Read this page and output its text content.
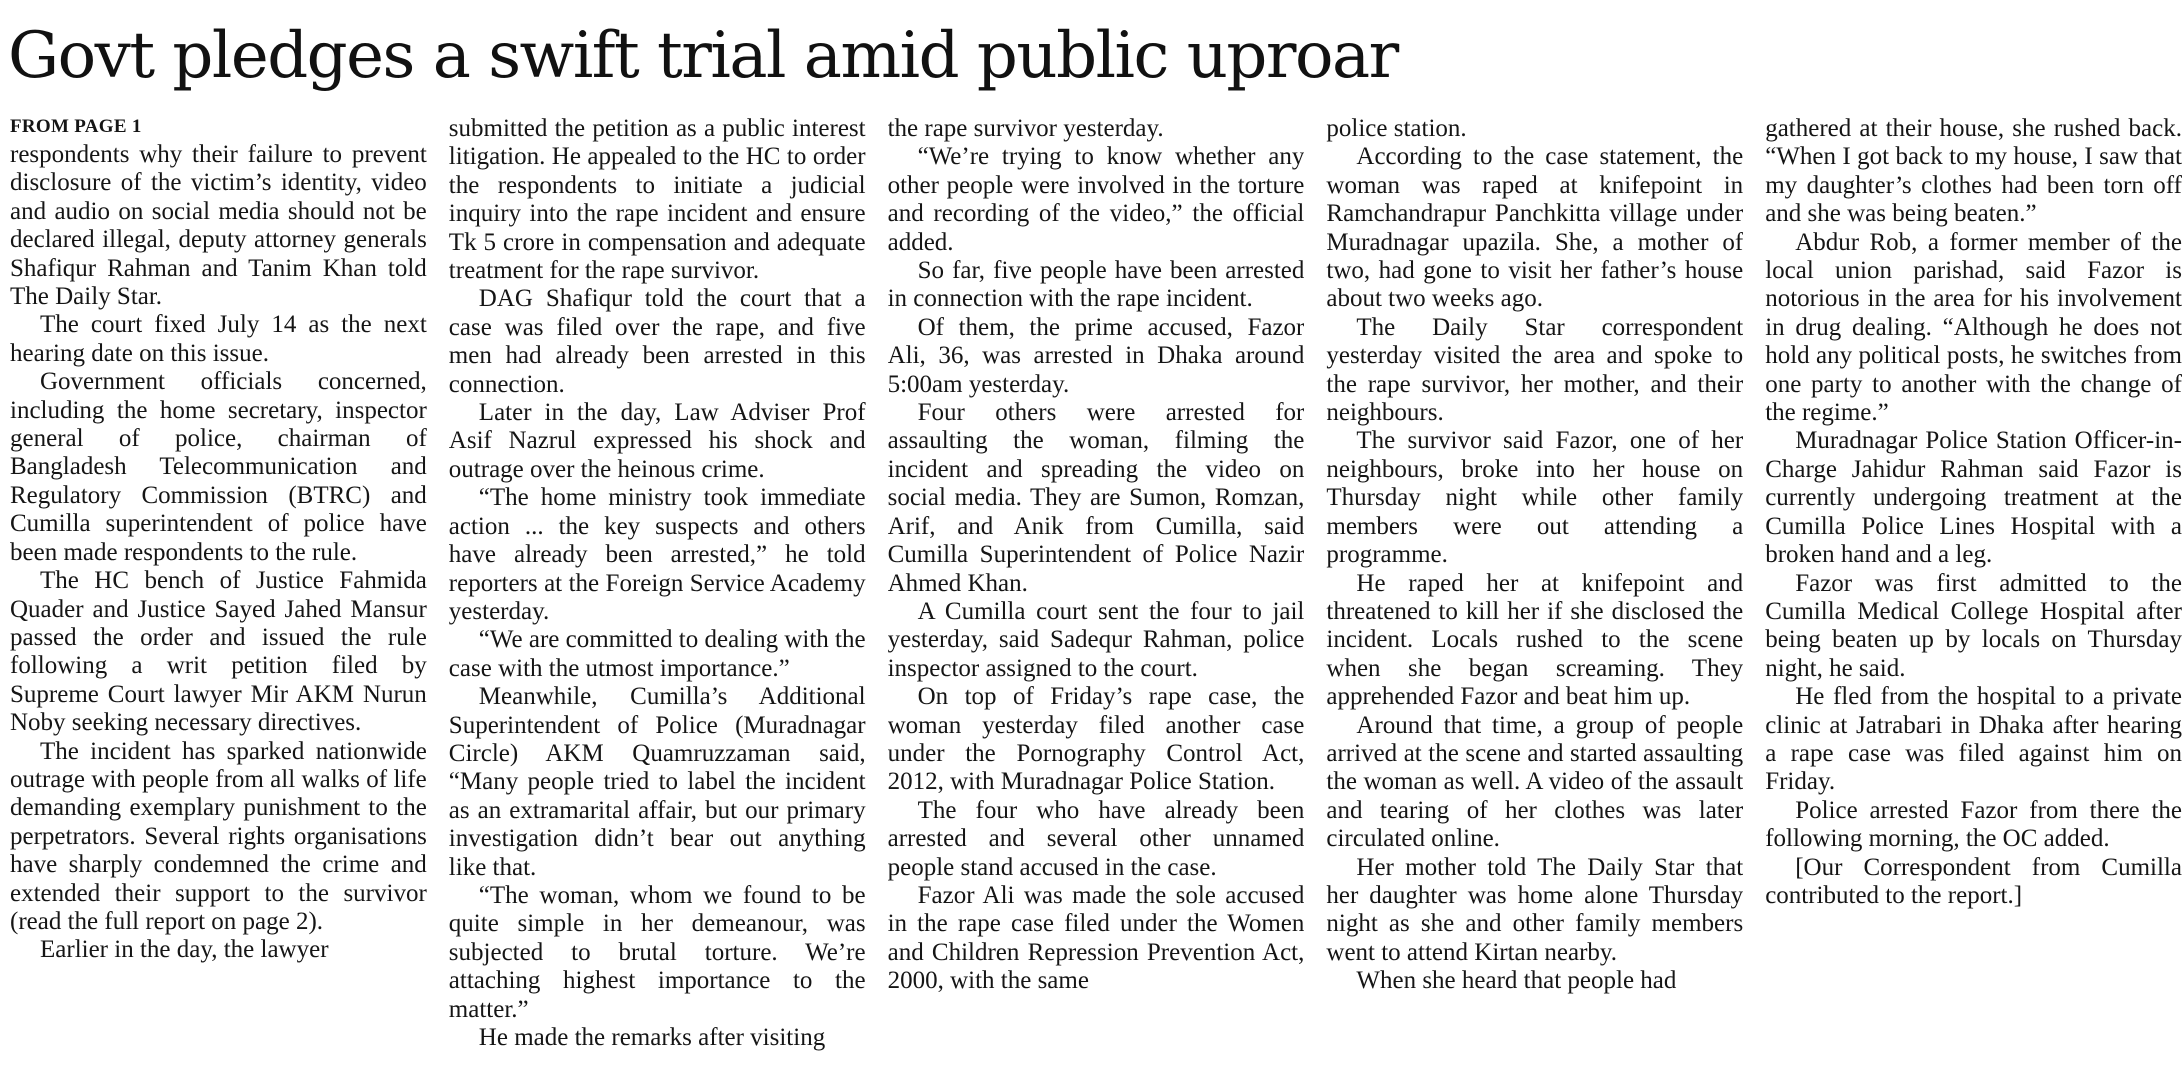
Govt pledges a swift trial amid public uproar
FROM PAGE 1

respondents why their failure to prevent disclosure of the victim’s identity, video and audio on social media should not be declared illegal, deputy attorney generals Shafiqur Rahman and Tanim Khan told The Daily Star.

The court fixed July 14 as the next hearing date on this issue.

Government officials concerned, including the home secretary, inspector general of police, chairman of Bangladesh Telecommunication and Regulatory Commission (BTRC) and Cumilla superintendent of police have been made respondents to the rule.

The HC bench of Justice Fahmida Quader and Justice Sayed Jahed Mansur passed the order and issued the rule following a writ petition filed by Supreme Court lawyer Mir AKM Nurun Noby seeking necessary directives.

The incident has sparked nationwide outrage with people from all walks of life demanding exemplary punishment to the perpetrators. Several rights organisations have sharply condemned the crime and extended their support to the survivor (read the full report on page 2).

Earlier in the day, the lawyer

submitted the petition as a public interest litigation. He appealed to the HC to order the respondents to initiate a judicial inquiry into the rape incident and ensure Tk 5 crore in compensation and adequate treatment for the rape survivor.

DAG Shafiqur told the court that a case was filed over the rape, and five men had already been arrested in this connection.

Later in the day, Law Adviser Prof Asif Nazrul expressed his shock and outrage over the heinous crime.

“The home ministry took immediate action ... the key suspects and others have already been arrested,” he told reporters at the Foreign Service Academy yesterday.

“We are committed to dealing with the case with the utmost importance.”

Meanwhile, Cumilla’s Additional Superintendent of Police (Muradnagar Circle) AKM Quamruzzaman said, “Many people tried to label the incident as an extramarital affair, but our primary investigation didn’t bear out anything like that.

“The woman, whom we found to be quite simple in her demeanour, was subjected to brutal torture. We’re attaching highest importance to the matter.”

He made the remarks after visiting

the rape survivor yesterday.

“We’re trying to know whether any other people were involved in the torture and recording of the video,” the official added.

So far, five people have been arrested in connection with the rape incident.

Of them, the prime accused, Fazor Ali, 36, was arrested in Dhaka around 5:00am yesterday.

Four others were arrested for assaulting the woman, filming the incident and spreading the video on social media. They are Sumon, Romzan, Arif, and Anik from Cumilla, said Cumilla Superintendent of Police Nazir Ahmed Khan.

A Cumilla court sent the four to jail yesterday, said Sadequr Rahman, police inspector assigned to the court.

On top of Friday’s rape case, the woman yesterday filed another case under the Pornography Control Act, 2012, with Muradnagar Police Station.

The four who have already been arrested and several other unnamed people stand accused in the case.

Fazor Ali was made the sole accused in the rape case filed under the Women and Children Repression Prevention Act, 2000, with the same

police station.

According to the case statement, the woman was raped at knifepoint in Ramchandrapur Panchkitta village under Muradnagar upazila. She, a mother of two, had gone to visit her father’s house about two weeks ago.

The Daily Star correspondent yesterday visited the area and spoke to the rape survivor, her mother, and their neighbours.

The survivor said Fazor, one of her neighbours, broke into her house on Thursday night while other family members were out attending a programme.

He raped her at knifepoint and threatened to kill her if she disclosed the incident. Locals rushed to the scene when she began screaming. They apprehended Fazor and beat him up.

Around that time, a group of people arrived at the scene and started assaulting the woman as well. A video of the assault and tearing of her clothes was later circulated online.

Her mother told The Daily Star that her daughter was home alone Thursday night as she and other family members went to attend Kirtan nearby.

When she heard that people had

gathered at their house, she rushed back. “When I got back to my house, I saw that my daughter’s clothes had been torn off and she was being beaten.”

Abdur Rob, a former member of the local union parishad, said Fazor is notorious in the area for his involvement in drug dealing. “Although he does not hold any political posts, he switches from one party to another with the change of the regime.”

Muradnagar Police Station Officer-in-Charge Jahidur Rahman said Fazor is currently undergoing treatment at the Cumilla Police Lines Hospital with a broken hand and a leg.

Fazor was first admitted to the Cumilla Medical College Hospital after being beaten up by locals on Thursday night, he said.

He fled from the hospital to a private clinic at Jatrabari in Dhaka after hearing a rape case was filed against him on Friday.

Police arrested Fazor from there the following morning, the OC added.

[Our Correspondent from Cumilla contributed to the report.]
